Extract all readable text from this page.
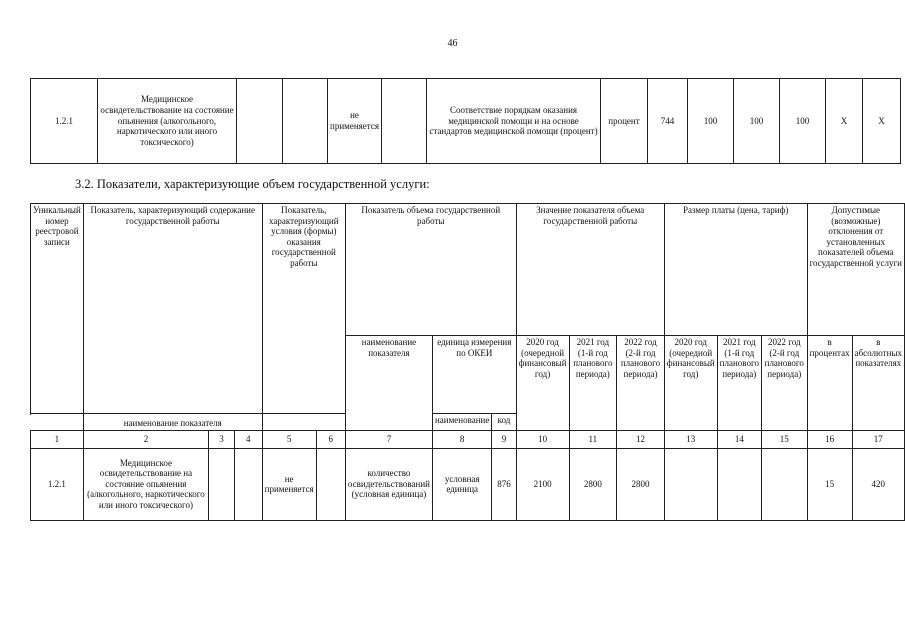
46
1.2.1	Медицинское освидетельствование на состояние опьянения (алкогольного, наркотического или иного токсического)			не применяется		Соответствие порядкам оказания медицинской помощи и на основе стандартов медицинской помощи (процент)	процент	744	100	100	100	X	X
3.2. Показатели, характеризующие объем государственной услуги:
Уникальный номер реестровой записи	Показатель, характеризующий содержание государственной работы			Показатель, характеризующий условия (формы) оказания государственной работы		Показатель объема государственной работы			Значение показателя объема государственной работы			Размер платы (цена, тариф)			Допустимые (возможные) отклонения от установленных показателей объема государственной услуги	
						наименование показателя	единица измерения по ОКЕИ		2020 год (очередной финансовый год)	2021 год (1-й год планового периода)	2022 год (2-й год планового периода)	2020 год (очередной финансовый год)	2021 год (1-й год планового периода)	2022 год (2-й год планового периода)	в процентах	в абсолютных показателях
	наименование показателя						наименование	код								

1	2	3	4	5	6	7	8	9	10	11	12	13	14	15	16	17
1.2.1	Медицинское освидетельствование на состояние опьянения (алкогольного, наркотического или иного токсического)			не применяется		количество освидетельствований (условная единица)	условная единица	876	2100	2800	2800				15	420
